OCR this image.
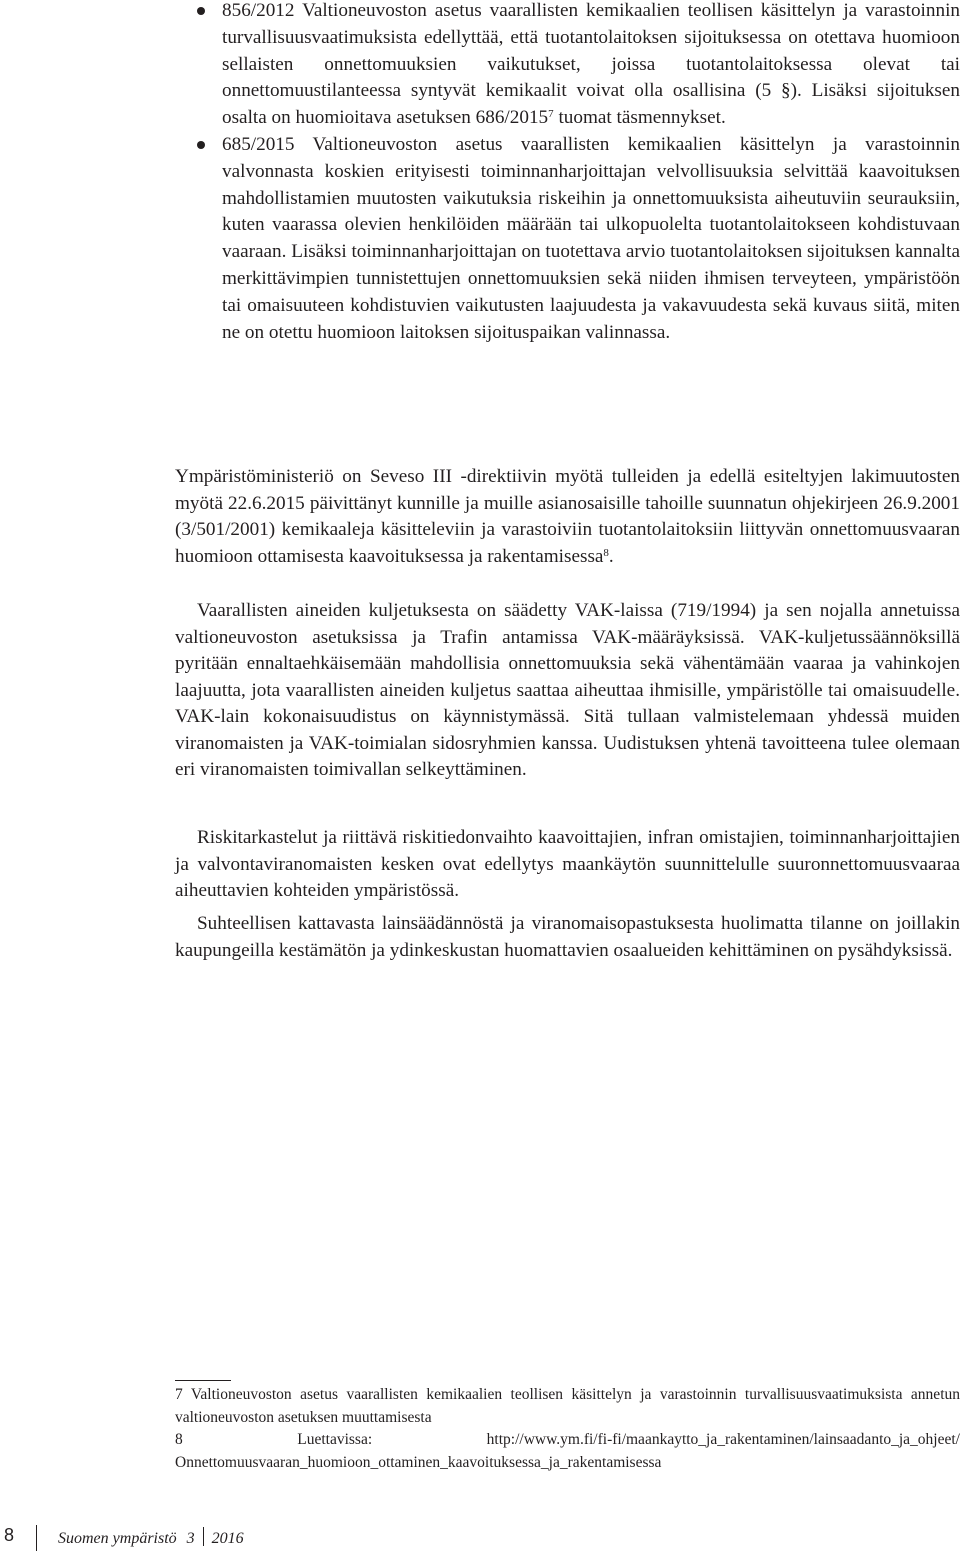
856/2012 Valtioneuvoston asetus vaarallisten kemikaalien teollisen käsittelyn ja varastoinnin turvallisuusvaatimuksista edellyttää, että tuotantolaitoksen sijoituksessa on otettava huomioon sellaisten onnettomuuksien vaikutukset, joissa tuotantolaitoksessa olevat tai onnettomuustilanteessa syntyvät kemikaalit voivat olla osallisina (5 §). Lisäksi sijoituksen osalta on huomioitava asetuksen 686/2015$^7$ tuomat täsmennykset.
685/2015 Valtioneuvoston asetus vaarallisten kemikaalien käsittelyn ja varastoinnin valvonnasta koskien erityisesti toiminnanharjoittajan velvollisuuksia selvittää kaavoituksen mahdollistamien muutosten vaikutuksia riskeihin ja onnettomuuksista aiheutuviin seurauksiin, kuten vaarassa olevien henkilöiden määrään tai ulkopuolelta tuotantolaitokseen kohdistuvaan vaaraan. Lisäksi toiminnanharjoittajan on tuotettava arvio tuotantolaitoksen sijoituksen kannalta merkittävimpien tunnistettujen onnettomuuksien sekä niiden ihmisen terveyteen, ympäristöön tai omaisuuteen kohdistuvien vaikutusten laajuudesta ja vakavuudesta sekä kuvaus siitä, miten ne on otettu huomioon laitoksen sijoituspaikan valinnassa.

Ympäristöministeriö on Seveso III -direktiivin myötä tulleiden ja edellä esiteltyjen lakimuutosten myötä 22.6.2015 päivittänyt kunnille ja muille asianosaisille tahoille suunnatun ohjekirjeen 26.9.2001 (3/501/2001) kemikaaleja käsitteleviin ja varastoiviin tuotantolaitoksiin liittyvän onnettomuusvaaran huomioon ottamisesta kaavoituksessa ja rakentamisessa$^8$.

Vaarallisten aineiden kuljetuksesta on säädetty VAK-laissa (719/1994) ja sen nojalla annetuissa valtioneuvoston asetuksissa ja Trafin antamissa VAK-määräyksissä. VAK-kuljetussäännöksillä pyritään ennaltaehkäisemään mahdollisia onnettomuuksia sekä vähentämään vaaraa ja vahinkojen laajuutta, jota vaarallisten aineiden kuljetus saattaa aiheuttaa ihmisille, ympäristölle tai omaisuudelle. VAK-lain kokonaisuudistus on käynnistymässä. Sitä tullaan valmistelemaan yhdessä muiden viranomaisten ja VAK-toimialan sidosryhmien kanssa. Uudistuksen yhtenä tavoitteena tulee olemaan eri viranomaisten toimivallan selkeyttäminen.

Riskitarkastelut ja riittävä riskitiedonvaihto kaavoittajien, infran omistajien, toiminnanharjoittajien ja valvontaviranomaisten kesken ovat edellytys maankäytön suunnittelulle suuronnettomuusvaaraa aiheuttavien kohteiden ympäristössä.

Suhteellisen kattavasta lainsäädännöstä ja viranomaisopastuksesta huolimatta tilanne on joillakin kaupungeilla kestämätön ja ydinkeskustan huomattavien osaalueiden kehittäminen on pysähdyksissä.

7 Valtioneuvoston asetus vaarallisten kemikaalien teollisen käsittelyn ja varastoinnin turvallisuusvaatimuksista annetun valtioneuvoston asetuksen muuttamisesta

8 Luettavissa: http://www.ym.fi/fi-fi/maankaytto_ja_rakentaminen/lainsaadanto_ja_ohjeet/ Onnettomuusvaaran_huomioon_ottaminen_kaavoituksessa_ja_rakentamisessa

8	Suomen ympäristö 3 2016
